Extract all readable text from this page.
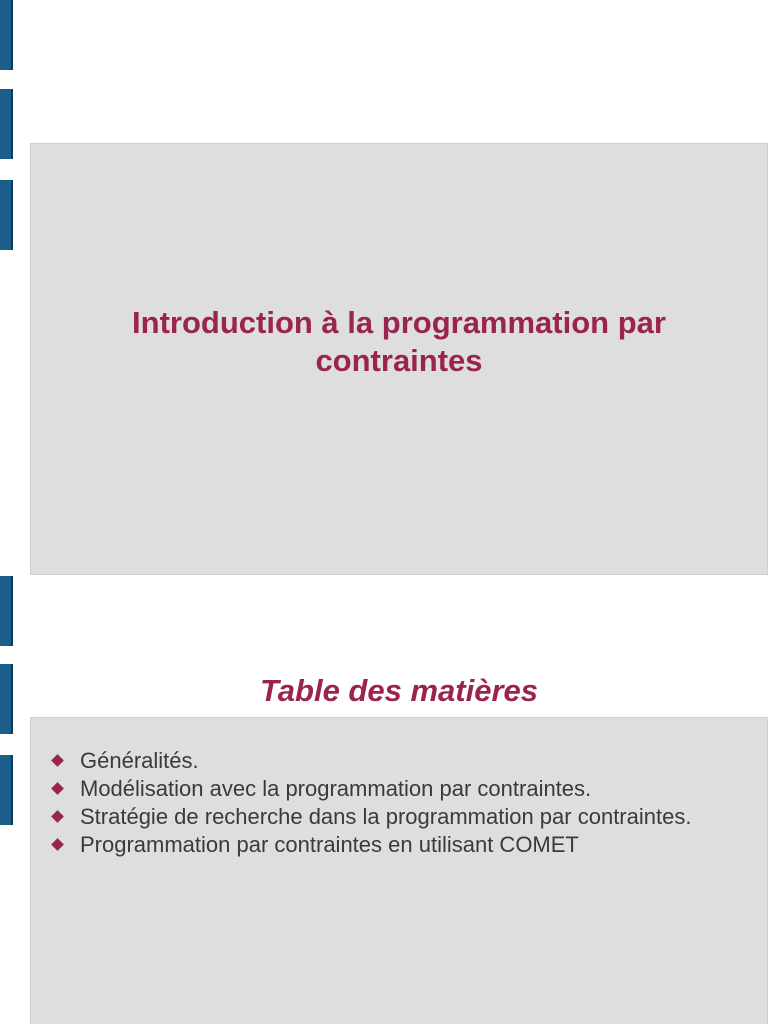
Introduction à la programmation par contraintes
Table des matières
Généralités.
Modélisation avec la programmation par contraintes.
Stratégie de recherche dans la programmation par contraintes.
Programmation par contraintes en utilisant COMET
